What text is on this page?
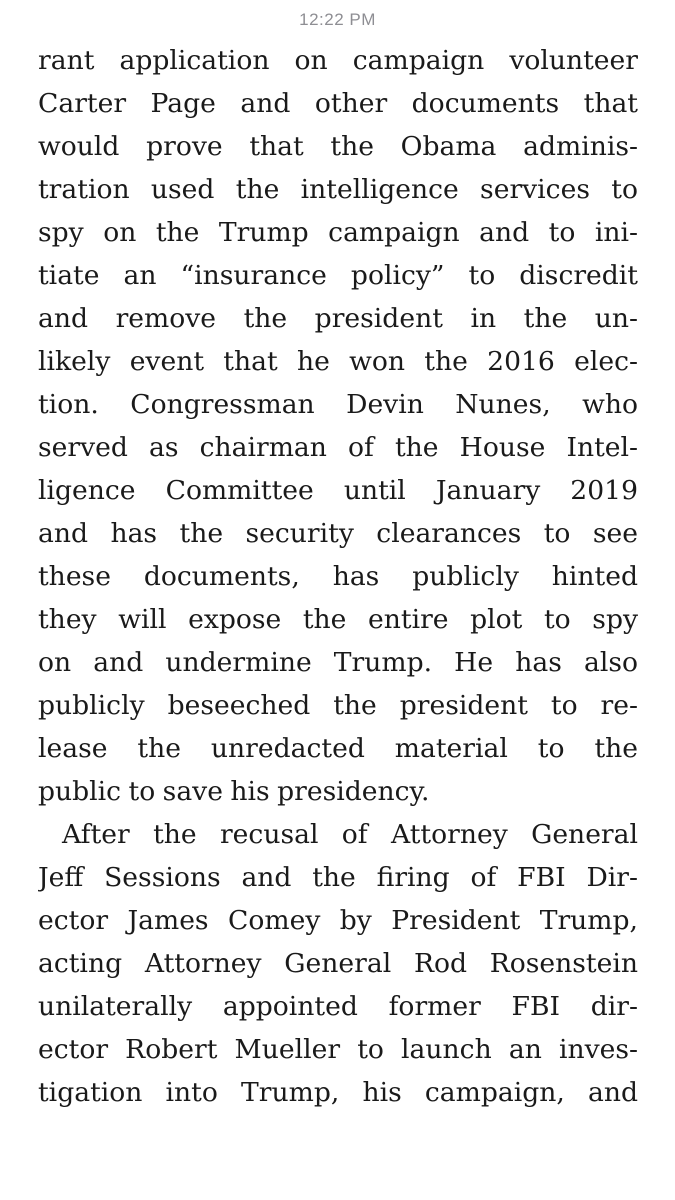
12:22 PM

rant application on campaign volunteer
Carter Page and other documents that
would prove that the Obama adminis-
tration used the intelligence services to
spy on the Trump campaign and to ini-
tiate an “insurance policy” to discredit
and remove the president in the un-
likely event that he won the 2016 elec-
tion. Congressman Devin Nunes, who
served as chairman of the House Intel-
ligence Committee until January 2019
and has the security clearances to see
these documents, has publicly hinted
they will expose the entire plot to spy
on and undermine Trump. He has also
publicly beseeched the president to re-
lease the unredacted material to the
public to save his presidency.

After the recusal of Attorney General
Jeff Sessions and the firing of FBI Dir-
ector James Comey by President Trump,
acting Attorney General Rod Rosenstein
unilaterally appointed former FBI dir-
ector Robert Mueller to launch an inves-
tigation into Trump, his campaign, and
